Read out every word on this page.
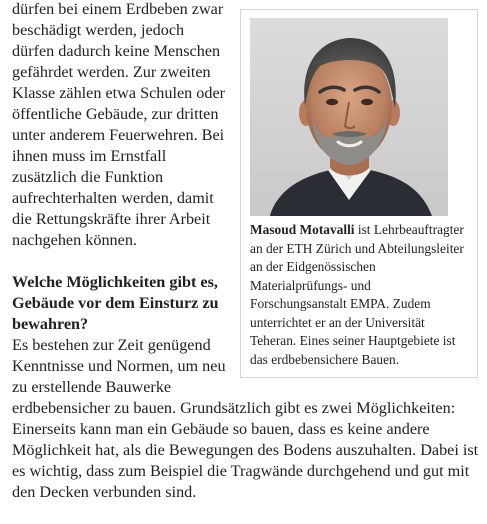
Masoud Motavalli ist Lehrbeauftragter an der ETH Zürich und Abteilungsleiter an der Eidgenössischen Materialprüfungs- und Forschungsanstalt EMPA. Zudem unterrichtet er an der Universität Teheran. Eines seiner Hauptgebiete ist das erdbebensichere Bauen.

dürfen bei einem Erdbeben zwar beschädigt werden, jedoch dürfen dadurch keine Menschen gefährdet werden. Zur zweiten Klasse zählen etwa Schulen oder öffentliche Gebäude, zur dritten unter anderem Feuerwehren. Bei ihnen muss im Ernstfall zusätzlich die Funktion aufrechterhalten werden, damit die Rettungskräfte ihrer Arbeit nachgehen können.

Welche Möglichkeiten gibt es, Gebäude vor dem Einsturz zu bewahren?

Es bestehen zur Zeit genügend Kenntnisse und Normen, um neu zu erstellende Bauwerke erdbebensicher zu bauen. Grundsätzlich gibt es zwei Möglichkeiten: Einerseits kann man ein Gebäude so bauen, dass es keine andere Möglichkeit hat, als die Bewegungen des Bodens auszuhalten. Dabei ist es wichtig, dass zum Beispiel die Tragwände durchgehend und gut mit den Decken verbunden sind.
